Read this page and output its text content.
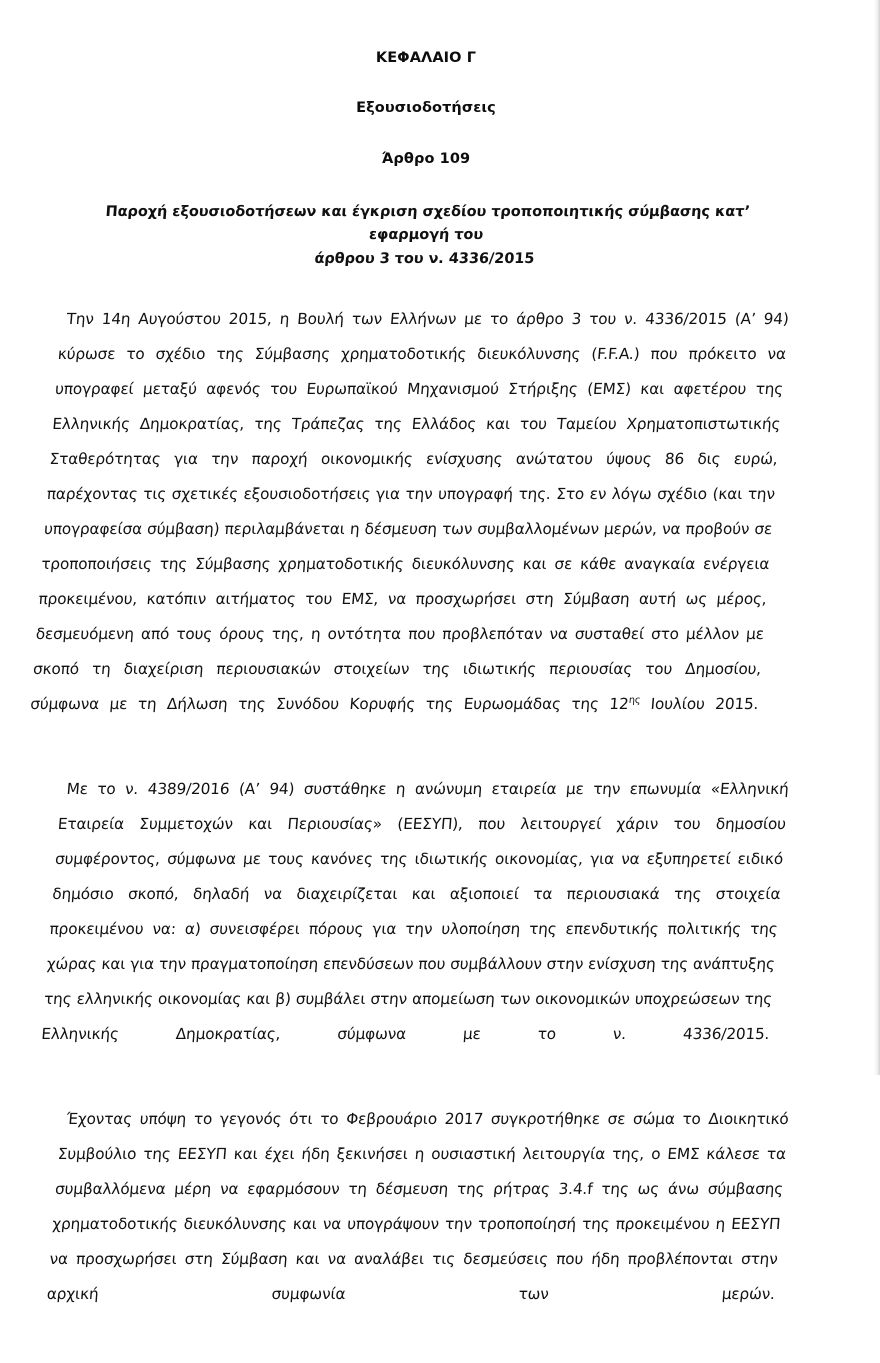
ΚΕΦΑΛΑΙΟ Γ
Εξουσιοδοτήσεις
Άρθρο 109
Παροχή εξουσιοδοτήσεων και έγκριση σχεδίου τροποποιητικής σύμβασης κατ’ εφαρμογή του
άρθρου 3 του ν. 4336/2015

Την 14η Αυγούστου 2015, η Βουλή των Ελλήνων με το άρθρο 3 του ν. 4336/2015 (Α’ 94) κύρωσε το σχέδιο της Σύμβασης χρηματοδοτικής διευκόλυνσης (F.F.A.) που πρόκειτο να υπογραφεί μεταξύ αφενός του Ευρωπαϊκού Μηχανισμού Στήριξης (ΕΜΣ) και αφετέρου της Ελληνικής Δημοκρατίας, της Τράπεζας της Ελλάδος και του Ταμείου Χρηματοπιστωτικής Σταθερότητας για την παροχή οικονομικής ενίσχυσης ανώτατου ύψους 86 δις ευρώ, παρέχοντας τις σχετικές εξουσιοδοτήσεις για την υπογραφή της. Στο εν λόγω σχέδιο (και την υπογραφείσα σύμβαση) περιλαμβάνεται η δέσμευση των συμβαλλομένων μερών, να προβούν σε τροποποιήσεις της Σύμβασης χρηματοδοτικής διευκόλυνσης και σε κάθε αναγκαία ενέργεια προκειμένου, κατόπιν αιτήματος του ΕΜΣ, να προσχωρήσει στη Σύμβαση αυτή ως μέρος, δεσμευόμενη από τους όρους της, η οντότητα που προβλεπόταν να συσταθεί στο μέλλον με σκοπό τη διαχείριση περιουσιακών στοιχείων της ιδιωτικής περιουσίας του Δημοσίου, σύμφωνα με τη Δήλωση της Συνόδου Κορυφής της Ευρωομάδας της $12^{\eta\varsigma}$ Ιουλίου 2015.

Με το ν. 4389/2016 (Α’ 94) συστάθηκε η ανώνυμη εταιρεία με την επωνυμία «Ελληνική Εταιρεία Συμμετοχών και Περιουσίας» (ΕΕΣΥΠ), που λειτουργεί χάριν του δημοσίου συμφέροντος, σύμφωνα με τους κανόνες της ιδιωτικής οικονομίας, για να εξυπηρετεί ειδικό δημόσιο σκοπό, δηλαδή να διαχειρίζεται και αξιοποιεί τα περιουσιακά της στοιχεία προκειμένου να: α) συνεισφέρει πόρους για την υλοποίηση της επενδυτικής πολιτικής της χώρας και για την πραγματοποίηση επενδύσεων που συμβάλλουν στην ενίσχυση της ανάπτυξης της ελληνικής οικονομίας και β) συμβάλει στην απομείωση των οικονομικών υποχρεώσεων της Ελληνικής Δημοκρατίας, σύμφωνα με το ν. 4336/2015.

Έχοντας υπόψη το γεγονός ότι το Φεβρουάριο 2017 συγκροτήθηκε σε σώμα το Διοικητικό Συμβούλιο της ΕΕΣΥΠ και έχει ήδη ξεκινήσει η ουσιαστική λειτουργία της, ο ΕΜΣ κάλεσε τα συμβαλλόμενα μέρη να εφαρμόσουν τη δέσμευση της ρήτρας 3.4.f της ως άνω σύμβασης χρηματοδοτικής διευκόλυνσης και να υπογράψουν την τροποποίησή της προκειμένου η ΕΕΣΥΠ να προσχωρήσει στη Σύμβαση και να αναλάβει τις δεσμεύσεις που ήδη προβλέπονται στην αρχική συμφωνία των μερών.
